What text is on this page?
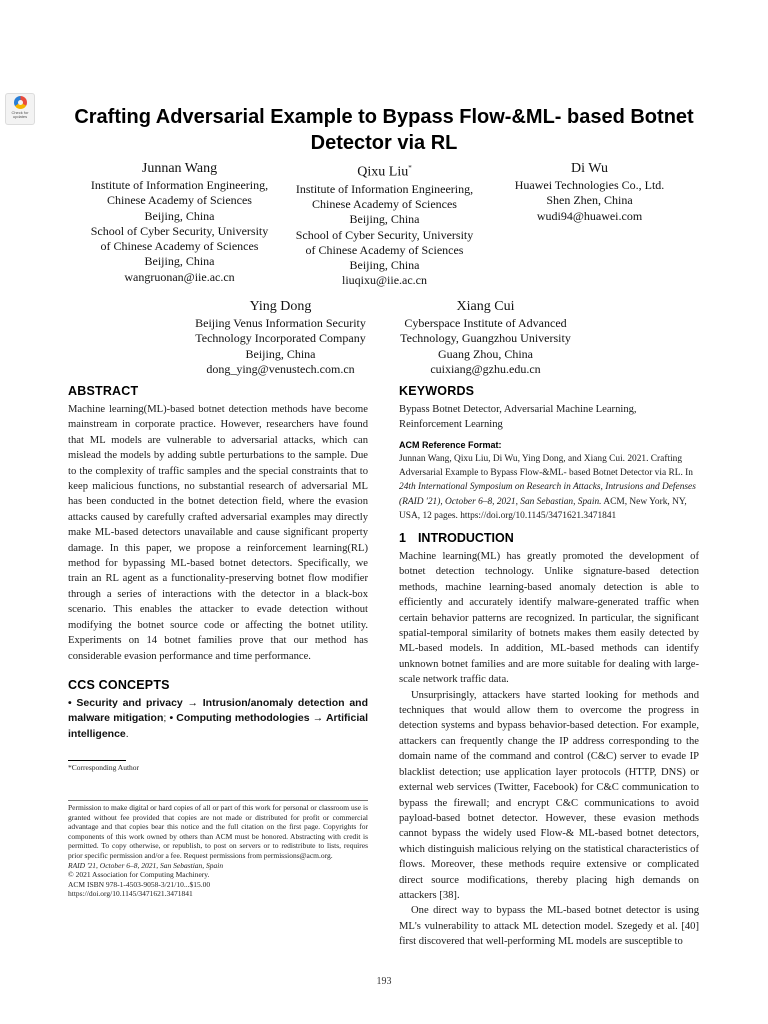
Check for updates	Crafting Adversarial Example to Bypass Flow-&ML- based Botnet Detector via RL
Junnan Wang
Institute of Information Engineering,
Chinese Academy of Sciences
Beijing, China
School of Cyber Security, University
of Chinese Academy of Sciences
Beijing, China
wangruonan@iie.ac.cn
Qixu Liu*
Institute of Information Engineering,
Chinese Academy of Sciences
Beijing, China
School of Cyber Security, University
of Chinese Academy of Sciences
Beijing, China
liuqixu@iie.ac.cn
Di Wu
Huawei Technologies Co., Ltd.
Shen Zhen, China
wudi94@huawei.com
Ying Dong
Beijing Venus Information Security
Technology Incorporated Company
Beijing, China
dong_ying@venustech.com.cn
Xiang Cui
Cyberspace Institute of Advanced
Technology, Guangzhou University
Guang Zhou, China
cuixiang@gzhu.edu.cn
ABSTRACT

Machine learning(ML)-based botnet detection methods have become mainstream in corporate practice. However, researchers have found that ML models are vulnerable to adversarial attacks, which can mislead the models by adding subtle perturbations to the sample. Due to the complexity of traffic samples and the special constraints that to keep malicious functions, no substantial research of adversarial ML has been conducted in the botnet detection field, where the evasion attacks caused by carefully crafted adversarial examples may directly make ML-based detectors unavailable and cause significant property damage. In this paper, we propose a reinforcement learning(RL) method for bypassing ML-based botnet detectors. Specifically, we train an RL agent as a functionality-preserving botnet flow modifier through a series of interactions with the detector in a black-box scenario. This enables the attacker to evade detection without modifying the botnet source code or affecting the botnet utility. Experiments on 14 botnet families prove that our method has considerable evasion performance and time performance.

CCS CONCEPTS

• Security and privacy → Intrusion/anomaly detection and malware mitigation; • Computing methodologies → Artificial intelligence.

*Corresponding Author

Permission to make digital or hard copies of all or part of this work for personal or classroom use is granted without fee provided that copies are not made or distributed for profit or commercial advantage and that copies bear this notice and the full citation on the first page. Copyrights for components of this work owned by others than ACM must be honored. Abstracting with credit is permitted. To copy otherwise, or republish, to post on servers or to redistribute to lists, requires prior specific permission and/or a fee. Request permissions from permissions@acm.org.
RAID '21, October 6–8, 2021, San Sebastian, Spain
© 2021 Association for Computing Machinery.
ACM ISBN 978-1-4503-9058-3/21/10...$15.00
https://doi.org/10.1145/3471621.3471841
KEYWORDS

Bypass Botnet Detector, Adversarial Machine Learning, Reinforcement Learning

ACM Reference Format:

Junnan Wang, Qixu Liu, Di Wu, Ying Dong, and Xiang Cui. 2021. Crafting Adversarial Example to Bypass Flow-&ML- based Botnet Detector via RL. In 24th International Symposium on Research in Attacks, Intrusions and Defenses (RAID '21), October 6–8, 2021, San Sebastian, Spain. ACM, New York, NY, USA, 12 pages. https://doi.org/10.1145/3471621.3471841

1 INTRODUCTION

Machine learning(ML) has greatly promoted the development of botnet detection technology. Unlike signature-based detection methods, machine learning-based anomaly detection is able to efficiently and accurately identify malware-generated traffic when certain behavior patterns are recognized. In particular, the significant spatial-temporal similarity of botnets makes them easily detected by ML-based models. In addition, ML-based methods can identify unknown botnet families and are more suitable for dealing with large-scale network traffic data.

Unsurprisingly, attackers have started looking for methods and techniques that would allow them to overcome the progress in detection systems and bypass behavior-based detection. For example, attackers can frequently change the IP address corresponding to the domain name of the command and control (C&C) server to evade IP blacklist detection; use application layer protocols (HTTP, DNS) or external web services (Twitter, Facebook) for C&C communication to bypass the firewall; and encrypt C&C communications to avoid payload-based botnet detector. However, these evasion methods cannot bypass the widely used Flow-& ML-based botnet detectors, which distinguish malicious relying on the statistical characteristics of flows. Moreover, these methods require extensive or complicated direct source modifications, thereby placing high demands on attackers [38].

One direct way to bypass the ML-based botnet detector is using ML's vulnerability to attack ML detection model. Szegedy et al. [40] first discovered that well-performing ML models are susceptible to

193
